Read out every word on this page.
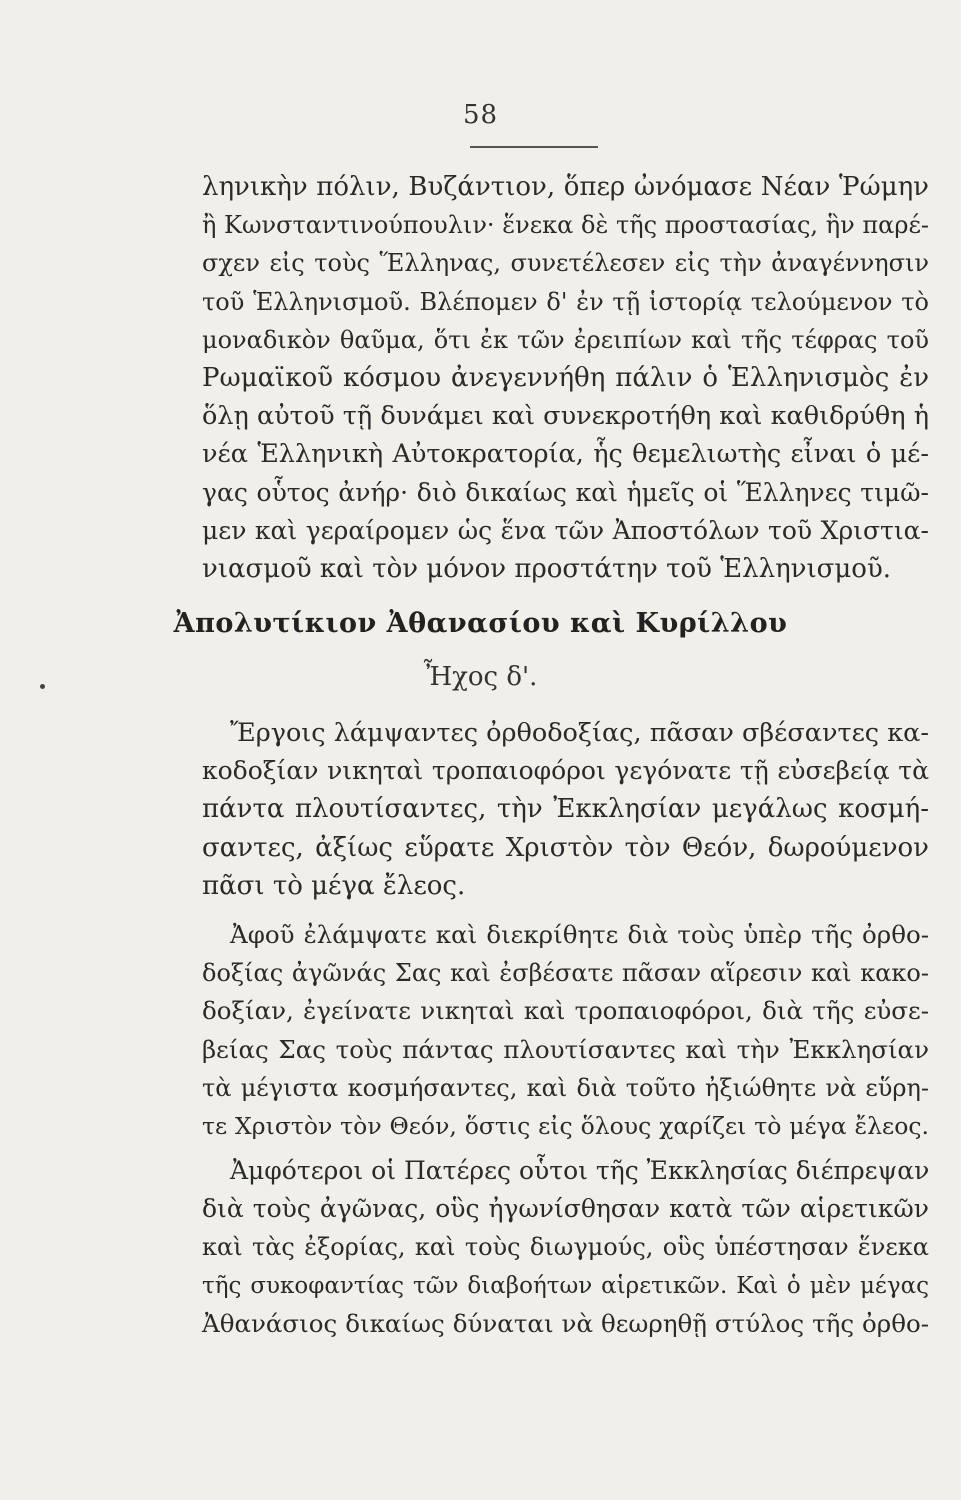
58
ληνικὴν πόλιν, Βυζάντιον, ὅπερ ὠνόμασε Νέαν Ῥώμην
ἢ Κωνσταντινούπουλιν· ἕνεκα δὲ τῆς προστασίας, ἣν παρέ-
σχεν εἰς τοὺς Ἕλληνας, συνετέλεσεν εἰς τὴν ἀναγέννησιν
τοῦ Ἑλληνισμοῦ. Βλέπομεν δ' ἐν τῇ ἱστορίᾳ τελούμενον τὸ
μοναδικὸν θαῦμα, ὅτι ἐκ τῶν ἐρειπίων καὶ τῆς τέφρας τοῦ
Ρωμαϊκοῦ κόσμου ἀνεγεννήθη πάλιν ὁ Ἑλληνισμὸς ἐν
ὅλῃ αὐτοῦ τῇ δυνάμει καὶ συνεκροτήθη καὶ καθιδρύθη ἡ
νέα Ἑλληνικὴ Αὐτοκρατορία, ἧς θεμελιωτὴς εἶναι ὁ μέ-
γας οὗτος ἀνήρ· διὸ δικαίως καὶ ἡμεῖς οἱ Ἕλληνες τιμῶ-
μεν καὶ γεραίρομεν ὡς ἕνα τῶν Ἀποστόλων τοῦ Χριστια-
νιασμοῦ καὶ τὸν μόνον προστάτην τοῦ Ἑλληνισμοῦ.
Ἀπολυτίκιον Ἀθανασίου καὶ Κυρίλλου
Ἦχος δ'.
Ἔργοις λάμψαντες ὀρθοδοξίας, πᾶσαν σβέσαντες κα-
κοδοξίαν νικηταὶ τροπαιοφόροι γεγόνατε τῇ εὐσεβείᾳ τὰ
πάντα πλουτίσαντες, τὴν Ἐκκλησίαν μεγάλως κοσμή-
σαντες, ἀξίως εὕρατε Χριστὸν τὸν Θεόν, δωρούμενον
πᾶσι τὸ μέγα ἔλεος.
Ἀφοῦ ἐλάμψατε καὶ διεκρίθητε διὰ τοὺς ὑπὲρ τῆς ὀρθο-
δοξίας ἀγῶνάς Σας καὶ ἐσβέσατε πᾶσαν αἵρεσιν καὶ κακο-
δοξίαν, ἐγείνατε νικηταὶ καὶ τροπαιοφόροι, διὰ τῆς εὐσε-
βείας Σας τοὺς πάντας πλουτίσαντες καὶ τὴν Ἐκκλησίαν
τὰ μέγιστα κοσμήσαντες, καὶ διὰ τοῦτο ἠξιώθητε νὰ εὕρη-
τε Χριστὸν τὸν Θεόν, ὅστις εἰς ὅλους χαρίζει τὸ μέγα ἔλεος.
Ἀμφότεροι οἱ Πατέρες οὗτοι τῆς Ἐκκλησίας διέπρεψαν
διὰ τοὺς ἀγῶνας, οὓς ἠγωνίσθησαν κατὰ τῶν αἱρετικῶν
καὶ τὰς ἐξορίας, καὶ τοὺς διωγμούς, οὓς ὑπέστησαν ἕνεκα
τῆς συκοφαντίας τῶν διαβοήτων αἱρετικῶν. Καὶ ὁ μὲν μέγας
Ἀθανάσιος δικαίως δύναται νὰ θεωρηθῇ στύλος τῆς ὀρθο-
